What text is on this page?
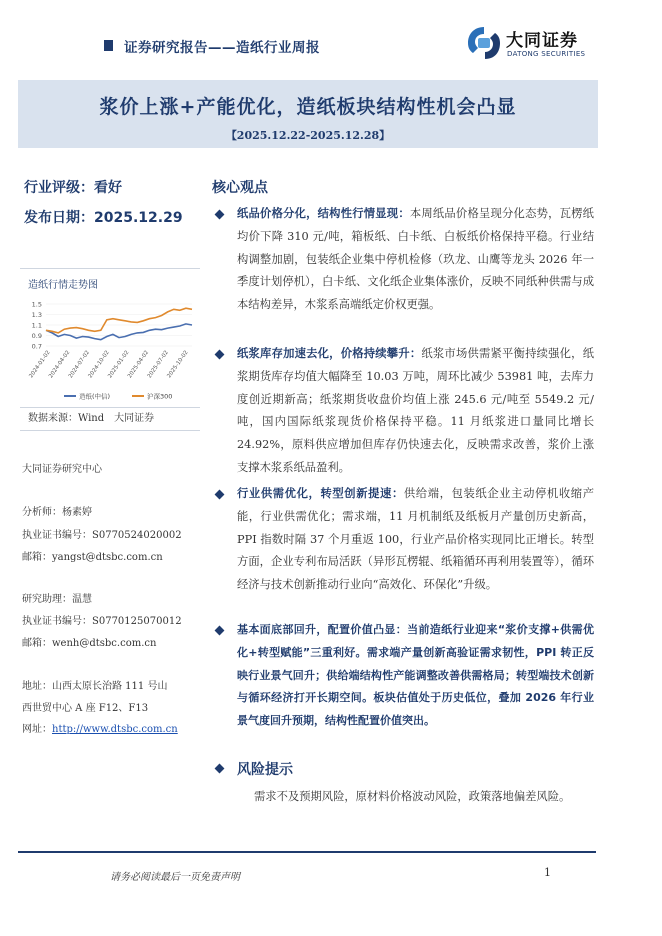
证券研究报告——造纸行业周报	大同证券
DATONG SECURITIES
浆价上涨+产能优化，造纸板块结构性机会凸显
【2025.12.22-2025.12.28】
行业评级：看好
发布日期：2025.12.29
造纸行情走势图
1.5
1.3
1.1
0.9
0.7
2024-01-02
2024-04-02
2024-07-02
2024-10-02
2025-01-02
2025-04-02
2025-07-02
2025-10-02
造纸(中信)	沪深300
数据来源：Wind　大同证券
大同证券研究中心
分析师：杨素婷
执业证书编号：S0770524020002
邮箱：yangst@dtsbc.com.cn
研究助理：温慧
执业证书编号：S0770125070012
邮箱：wenh@dtsbc.com.cn
地址：山西太原长治路 111 号山
西世贸中心 A 座 F12、F13
网址：http://www.dtsbc.com.cn
核心观点
纸品价格分化，结构性行情显现：本周纸品价格呈现分化态势，瓦楞纸均价下降 310 元/吨，箱板纸、白卡纸、白板纸价格保持平稳。行业结构调整加剧，包装纸企业集中停机检修（玖龙、山鹰等龙头 2026 年一季度计划停机），白卡纸、文化纸企业集体涨价，反映不同纸种供需与成本结构差异，木浆系高端纸定价权更强。
纸浆库存加速去化，价格持续攀升：纸浆市场供需紧平衡持续强化，纸浆期货库存均值大幅降至 10.03 万吨，周环比减少 53981 吨，去库力度创近期新高；纸浆期货收盘价均值上涨 245.6 元/吨至 5549.2 元/吨，国内国际纸浆现货价格保持平稳。11 月纸浆进口量同比增长 24.92%，原料供应增加但库存仍快速去化，反映需求改善，浆价上涨支撑木浆系纸品盈利。
行业供需优化，转型创新提速：供给端，包装纸企业主动停机收缩产能，行业供需优化；需求端，11 月机制纸及纸板月产量创历史新高，PPI 指数时隔 37 个月重返 100，行业产品价格实现同比正增长。转型方面，企业专利布局活跃（异形瓦楞辊、纸箱循环再利用装置等），循环经济与技术创新推动行业向“高效化、环保化”升级。
基本面底部回升，配置价值凸显：当前造纸行业迎来“浆价支撑+供需优化+转型赋能”三重利好。需求端产量创新高验证需求韧性，PPI 转正反映行业景气回升；供给端结构性产能调整改善供需格局；转型端技术创新与循环经济打开长期空间。板块估值处于历史低位，叠加 2026 年行业景气度回升预期，结构性配置价值突出。
风险提示
需求不及预期风险，原材料价格波动风险，政策落地偏差风险。
请务必阅读最后一页免责声明	1
